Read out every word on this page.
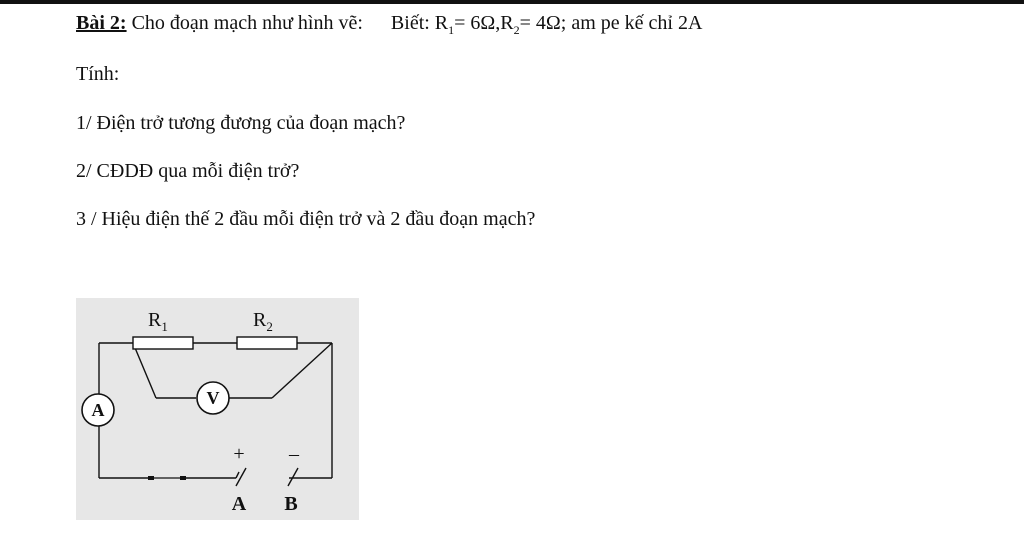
Bài 2: Cho đoạn mạch như hình vẽ: Biết: $R_1= 6\Omega,R_2= 4\Omega$; am pe kế chỉ 2A
Tính:
1/ Điện trở tương đương của đoạn mạch?
2/ CĐDĐ qua mỗi điện trở?
3 / Hiệu điện thế 2 đầu mỗi điện trở và 2 đầu đoạn mạch?
$R_1$	$R_2$
A
V
+ –
A B
